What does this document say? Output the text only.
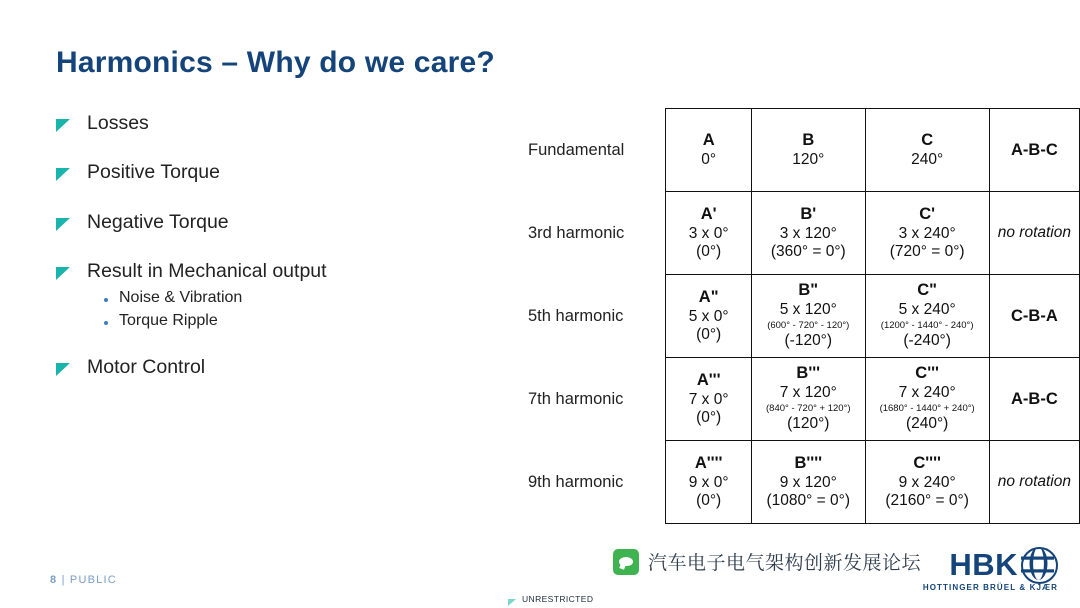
Harmonics – Why do we care?
Losses
Positive Torque
Negative Torque
Result in Mechanical output
Noise & Vibration
Torque Ripple
Motor Control
Fundamental	
A
0°

B
120°

C
240°

A-B-C

3rd harmonic	
A'
3 x 0°
(0°)

B'
3 x 120°
(360° = 0°)

C'
3 x 240°
(720° = 0°)

no rotation

5th harmonic	
A"
5 x 0°
(0°)

B"
5 x 120°
(600° - 720° - 120°)
(-120°)

C"
5 x 240°
(1200° - 1440° - 240°)
(-240°)

C-B-A

7th harmonic	
A'''
7 x 0°
(0°)

B'''
7 x 120°
(840° - 720° + 120°)
(120°)

C'''
7 x 240°
(1680° - 1440° + 240°)
(240°)

A-B-C

9th harmonic	
A''''
9 x 0°
(0°)

B''''
9 x 120°
(1080° = 0°)

C''''
9 x 240°
(2160° = 0°)

no rotation
8 | PUBLIC
UNRESTRICTED
汽车电子电气架构创新发展论坛 HBK
HOTTINGER BRÜEL & KJÆR
